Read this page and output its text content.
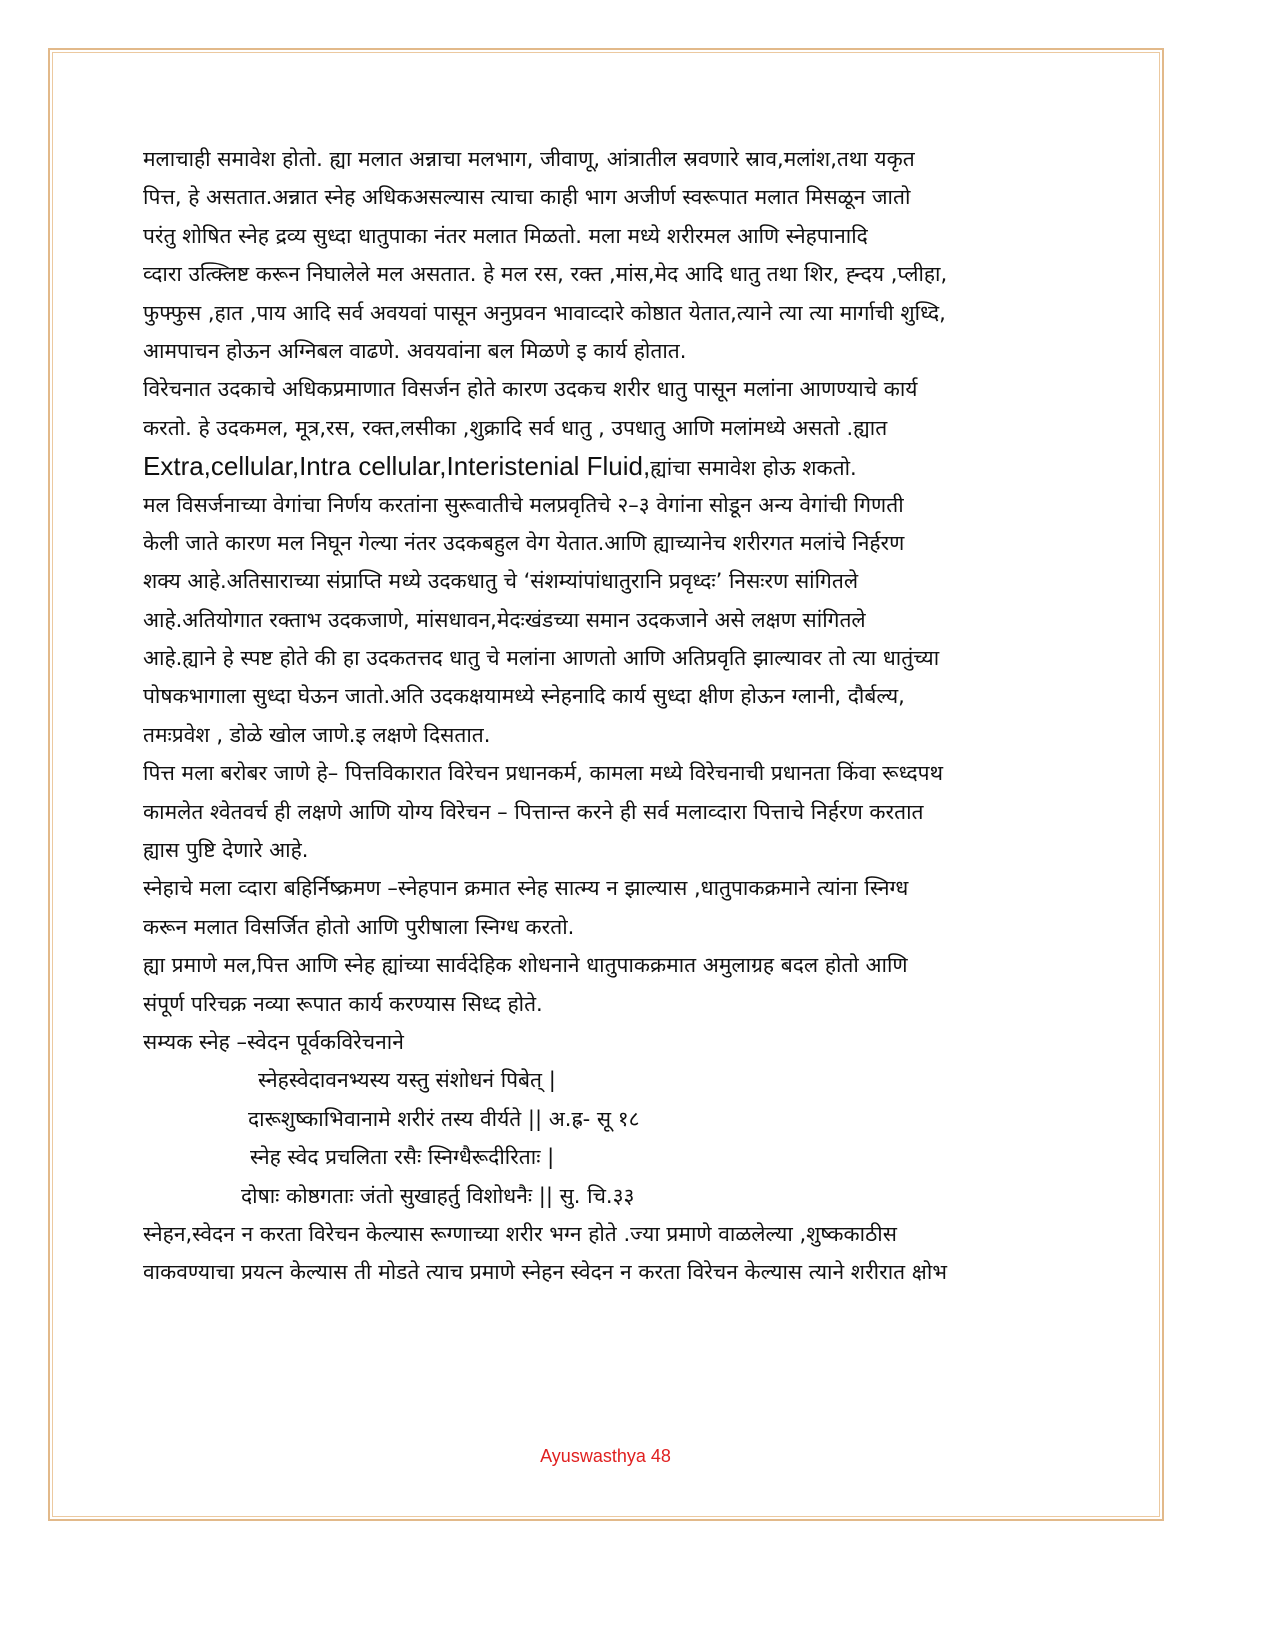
मलाचाही समावेश होतो. ह्या मलात अन्नाचा मलभाग, जीवाणू, आंत्रातील स्रवणारे स्राव,मलांश,तथा यकृत
पित्त, हे असतात.अन्नात स्नेह अधिकअसल्यास त्याचा काही भाग अजीर्ण स्वरूपात मलात मिसळून जातो
परंतु शोषित स्नेह द्रव्य सुध्दा धातुपाका नंतर मलात मिळतो. मला मध्ये शरीरमल आणि स्नेहपानादि
व्दारा उत्क्लिष्ट करून निघालेले मल असतात. हे मल रस, रक्त ,मांस,मेद आदि धातु तथा शिर, ह्न्दय ,प्लीहा,
फुफ्फुस ,हात ,पाय आदि सर्व अवयवां पासून अनुप्रवन भावाव्दारे कोष्ठात येतात,त्याने त्या त्या मार्गाची शुध्दि,
आमपाचन होऊन अग्निबल वाढणे. अवयवांना बल मिळणे इ कार्य होतात.
विरेचनात उदकाचे अधिकप्रमाणात विसर्जन होते कारण उदकच शरीर धातु पासून मलांना आणण्याचे कार्य
करतो. हे उदकमल, मूत्र,रस, रक्त,लसीका ,शुक्रादि सर्व धातु , उपधातु आणि मलांमध्ये असतो .ह्यात
Extra,cellular,Intra cellular,Interistenial Fluid,ह्यांचा समावेश होऊ शकतो.
मल विसर्जनाच्या वेगांचा निर्णय करतांना सुरूवातीचे मलप्रवृतिचे २–३ वेगांना सोडून अन्य वेगांची गिणती
केली जाते कारण मल निघून गेल्या नंतर उदकबहुल वेग येतात.आणि ह्याच्यानेच शरीरगत मलांचे निर्हरण
शक्य आहे.अतिसाराच्या संप्राप्ति मध्ये उदकधातु चे ‘संशम्यांपांधातुरानि प्रवृध्दः’ निसःरण सांगितले
आहे.अतियोगात रक्ताभ उदकजाणे, मांसधावन,मेदःखंडच्या समान उदकजाने असे लक्षण सांगितले
आहे.ह्याने हे स्पष्ट होते की हा उदकतत्तद धातु चे मलांना आणतो आणि अतिप्रवृति झाल्यावर तो त्या धातुंच्या
पोषकभागाला सुध्दा घेऊन जातो.अति उदकक्षयामध्ये स्नेहनादि कार्य सुध्दा क्षीण होऊन ग्लानी, दौर्बल्य,
तमःप्रवेश , डोळे खोल जाणे.इ लक्षणे दिसतात.
पित्त मला बरोबर जाणे हे– पित्तविकारात विरेचन प्रधानकर्म, कामला मध्ये विरेचनाची प्रधानता किंवा रूध्दपथ
कामलेत श्वेतवर्च ही लक्षणे आणि योग्य विरेचन – पित्तान्त करने ही सर्व मलाव्दारा पित्ताचे निर्हरण करतात
ह्यास पुष्टि देणारे आहे.
स्नेहाचे मला व्दारा बहिर्निष्क्रमण –स्नेहपान क्रमात स्नेह सात्म्य न झाल्यास ,धातुपाकक्रमाने त्यांना स्निग्ध
करून मलात विसर्जित होतो आणि पुरीषाला स्निग्ध करतो.
ह्या प्रमाणे मल,पित्त आणि स्नेह ह्यांच्या सार्वदेहिक शोधनाने धातुपाकक्रमात अमुलाग्रह बदल होतो आणि
संपूर्ण परिचक्र नव्या रूपात कार्य करण्यास सिध्द होते.
सम्यक स्नेह –स्वेदन पूर्वकविरेचनाने
स्नेहस्वेदावनभ्यस्य यस्तु संशोधनं पिबेत् |
दारूशुष्काभिवानामे शरीरं तस्य वीर्यते || अ.ह्र- सू १८
स्नेह स्वेद प्रचलिता रसैः स्निग्धैरूदीरिताः |
दोषाः कोष्ठगताः जंतो सुखाहर्तु विशोधनैः || सु. चि.३३
स्नेहन,स्वेदन न करता विरेचन केल्यास रूग्णाच्या शरीर भग्न होते .ज्या प्रमाणे वाळलेल्या ,शुष्ककाठीस
वाकवण्याचा प्रयत्न केल्यास ती मोडते त्याच प्रमाणे स्नेहन स्वेदन न करता विरेचन केल्यास त्याने शरीरात क्षोभ
Ayuswasthya 48
